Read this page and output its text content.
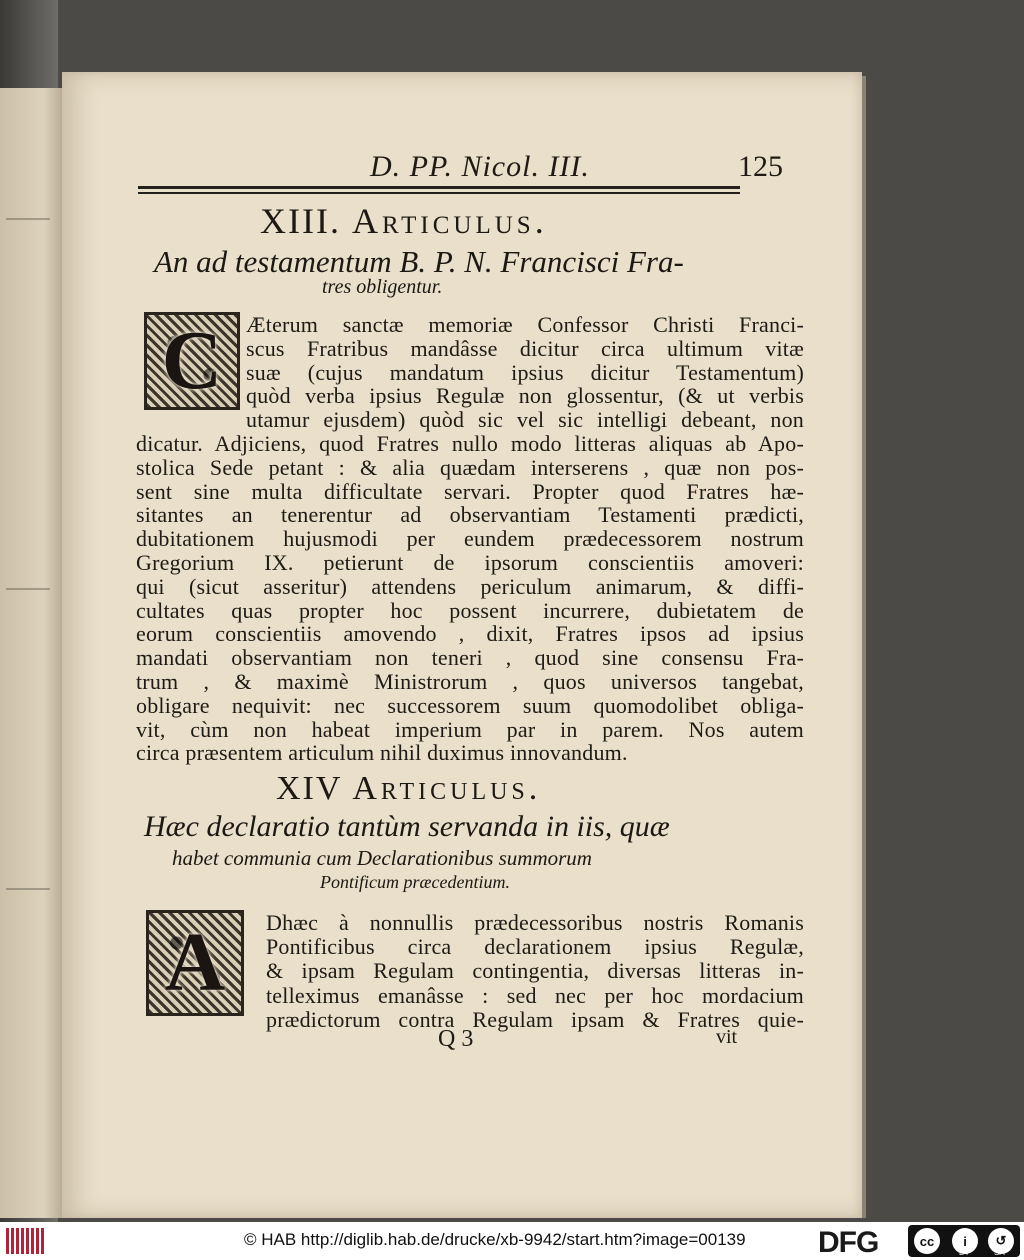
D. PP. Nicol. III.	125
XIII. Articulus.
An ad testamentum B. P. N. Francisci Fra-
tres obligentur.
C Æterum sanctæ memoriæ Confessor Christi Franci-
scus Fratribus mandâsse dicitur circa ultimum vitæ
suæ (cujus mandatum ipsius dicitur Testamentum)
quòd verba ipsius Regulæ non glossentur, (& ut verbis
utamur ejusdem) quòd sic vel sic intelligi debeant, non
dicatur. Adjiciens, quod Fratres nullo modo litteras aliquas ab Apo-
stolica Sede petant : & alia quædam interserens , quæ non pos-
sent sine multa difficultate servari. Propter quod Fratres hæ-
sitantes an tenerentur ad observantiam Testamenti prædicti,
dubitationem hujusmodi per eundem prædecessorem nostrum
Gregorium IX. petierunt de ipsorum conscientiis amoveri:
qui (sicut asseritur) attendens periculum animarum, & diffi-
cultates quas propter hoc possent incurrere, dubietatem de
eorum conscientiis amovendo , dixit, Fratres ipsos ad ipsius
mandati observantiam non teneri , quod sine consensu Fra-
trum , & maximè Ministrorum , quos universos tangebat,
obligare nequivit: nec successorem suum quomodolibet obliga-
vit, cùm non habeat imperium par in parem. Nos autem
circa præsentem articulum nihil duximus innovandum.
XIV Articulus.
Hæc declaratio tantùm servanda in iis, quæ
habet communia cum Declarationibus summorum
Pontificum præcedentium.
A Dhæc à nonnullis prædecessoribus nostris Romanis
Pontificibus circa declarationem ipsius Regulæ,
& ipsam Regulam contingentia, diversas litteras in-
telleximus emanâsse : sed nec per hoc mordacium
prædictorum contra Regulam ipsam & Fratres quie-
Q 3	vit
© HAB http://diglib.hab.de/drucke/xb-9942/start.htm?image=00139 DFG	cc	i	↺
BY	SA
